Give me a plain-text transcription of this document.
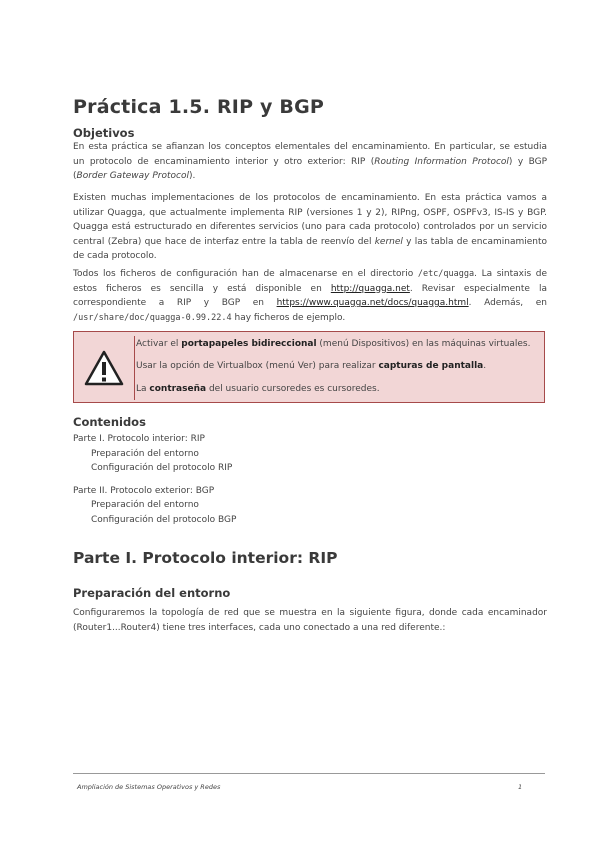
Práctica 1.5. RIP y BGP
Objetivos

En esta práctica se afianzan los conceptos elementales del encaminamiento. En particular, se estudia un protocolo de encaminamiento interior y otro exterior: RIP (Routing Information Protocol) y BGP (Border Gateway Protocol).

Existen muchas implementaciones de los protocolos de encaminamiento. En esta práctica vamos a utilizar Quagga, que actualmente implementa RIP (versiones 1 y 2), RIPng, OSPF, OSPFv3, IS-IS y BGP. Quagga está estructurado en diferentes servicios (uno para cada protocolo) controlados por un servicio central (Zebra) que hace de interfaz entre la tabla de reenvío del kernel y las tabla de encaminamiento de cada protocolo.

Todos los ficheros de configuración han de almacenarse en el directorio /etc/quagga. La sintaxis de estos ficheros es sencilla y está disponible en http://quagga.net. Revisar especialmente la correspondiente a RIP y BGP en https://www.quagga.net/docs/quagga.html. Además, en /usr/share/doc/quagga-0.99.22.4 hay ficheros de ejemplo.

Activar el portapapeles bidireccional (menú Dispositivos) en las máquinas virtuales.

Usar la opción de Virtualbox (menú Ver) para realizar capturas de pantalla.

La contraseña del usuario cursoredes es cursoredes.

Contenidos
Parte I. Protocolo interior: RIP
Preparación del entorno
Configuración del protocolo RIP
Parte II. Protocolo exterior: BGP
Preparación del entorno
Configuración del protocolo BGP
Parte I. Protocolo interior: RIP
Preparación del entorno

Configuraremos la topología de red que se muestra en la siguiente figura, donde cada encaminador (Router1...Router4) tiene tres interfaces, cada uno conectado a una red diferente.:

Ampliación de Sistemas Operativos y Redes	1
